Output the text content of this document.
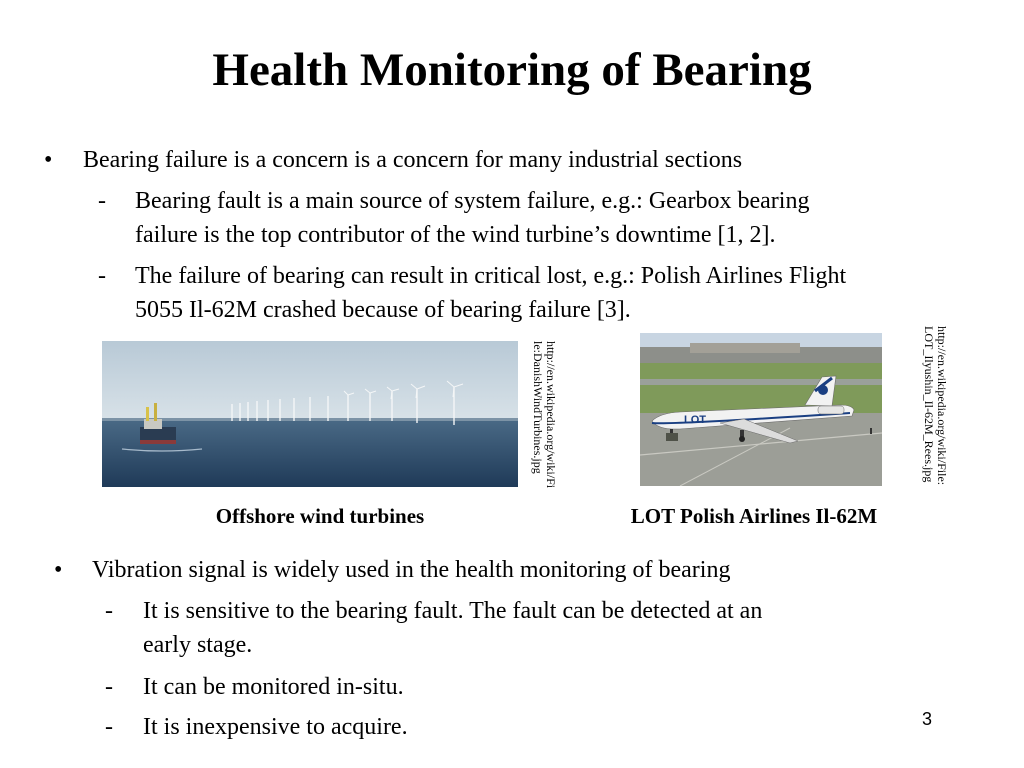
Health Monitoring of Bearing
• Bearing failure is a concern is a concern for many industrial sections
- Bearing fault is a main source of system failure, e.g.: Gearbox bearing
failure is the top contributor of the wind turbine’s downtime [1, 2].
- The failure of bearing can result in critical lost, e.g.: Polish Airlines Flight
5055 Il-62M crashed because of bearing failure [3].
http://en.wikipedia.org/wiki/Fi
le:DanishWindTurbines.jpg	LOT	http://en.wikipedia.org/wiki/File:
LOT_Ilyushin_Il-62M_Rees.jpg
Offshore wind turbines	LOT Polish Airlines Il-62M
• Vibration signal is widely used in the health monitoring of bearing
- It is sensitive to the bearing fault. The fault can be detected at an
early stage.
- It can be monitored in-situ.
- It is inexpensive to acquire.	3
